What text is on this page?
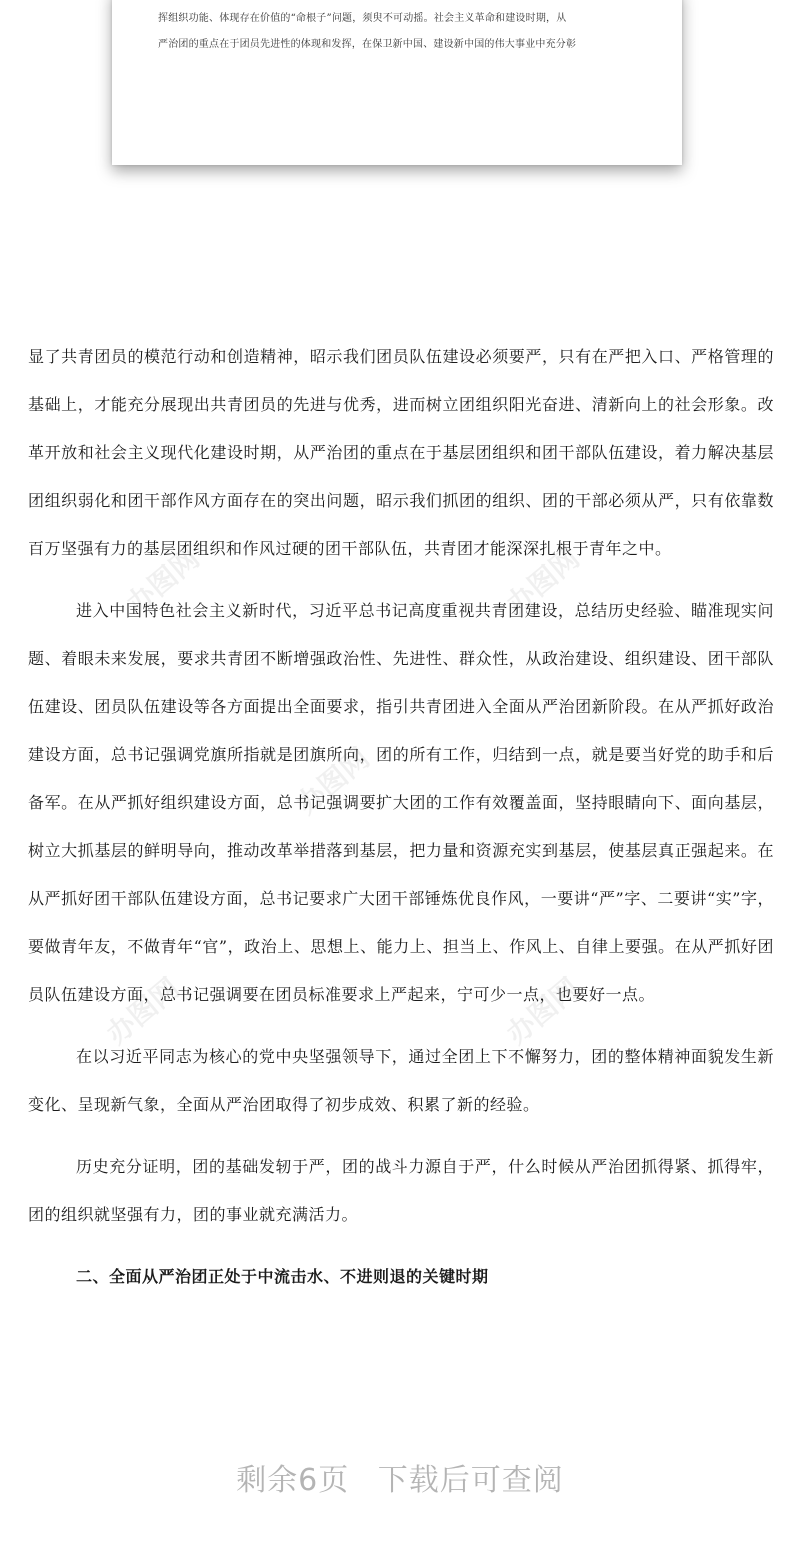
挥组织功能、体现存在价值的“命根子”问题，须臾不可动摇。社会主义革命和建设时期，从

严治团的重点在于团员先进性的体现和发挥，在保卫新中国、建设新中国的伟大事业中充分彰

办图网	办图网
办图网
办图网	办图网

显了共青团员的模范行动和创造精神，昭示我们团员队伍建设必须要严，只有在严把入口、严格管理的基础上，才能充分展现出共青团员的先进与优秀，进而树立团组织阳光奋进、清新向上的社会形象。改革开放和社会主义现代化建设时期，从严治团的重点在于基层团组织和团干部队伍建设，着力解决基层团组织弱化和团干部作风方面存在的突出问题，昭示我们抓团的组织、团的干部必须从严，只有依靠数百万坚强有力的基层团组织和作风过硬的团干部队伍，共青团才能深深扎根于青年之中。

进入中国特色社会主义新时代，习近平总书记高度重视共青团建设，总结历史经验、瞄准现实问题、着眼未来发展，要求共青团不断增强政治性、先进性、群众性，从政治建设、组织建设、团干部队伍建设、团员队伍建设等各方面提出全面要求，指引共青团进入全面从严治团新阶段。在从严抓好政治建设方面，总书记强调党旗所指就是团旗所向，团的所有工作，归结到一点，就是要当好党的助手和后备军。在从严抓好组织建设方面，总书记强调要扩大团的工作有效覆盖面，坚持眼睛向下、面向基层，树立大抓基层的鲜明导向，推动改革举措落到基层，把力量和资源充实到基层，使基层真正强起来。在从严抓好团干部队伍建设方面，总书记要求广大团干部锤炼优良作风，一要讲“严”字、二要讲“实”字，要做青年友，不做青年“官”，政治上、思想上、能力上、担当上、作风上、自律上要强。在从严抓好团员队伍建设方面，总书记强调要在团员标准要求上严起来，宁可少一点，也要好一点。

在以习近平同志为核心的党中央坚强领导下，通过全团上下不懈努力，团的整体精神面貌发生新变化、呈现新气象，全面从严治团取得了初步成效、积累了新的经验。

历史充分证明，团的基础发轫于严，团的战斗力源自于严，什么时候从严治团抓得紧、抓得牢，团的组织就坚强有力，团的事业就充满活力。

二、全面从严治团正处于中流击水、不进则退的关键时期

剩余6页 下载后可查阅
